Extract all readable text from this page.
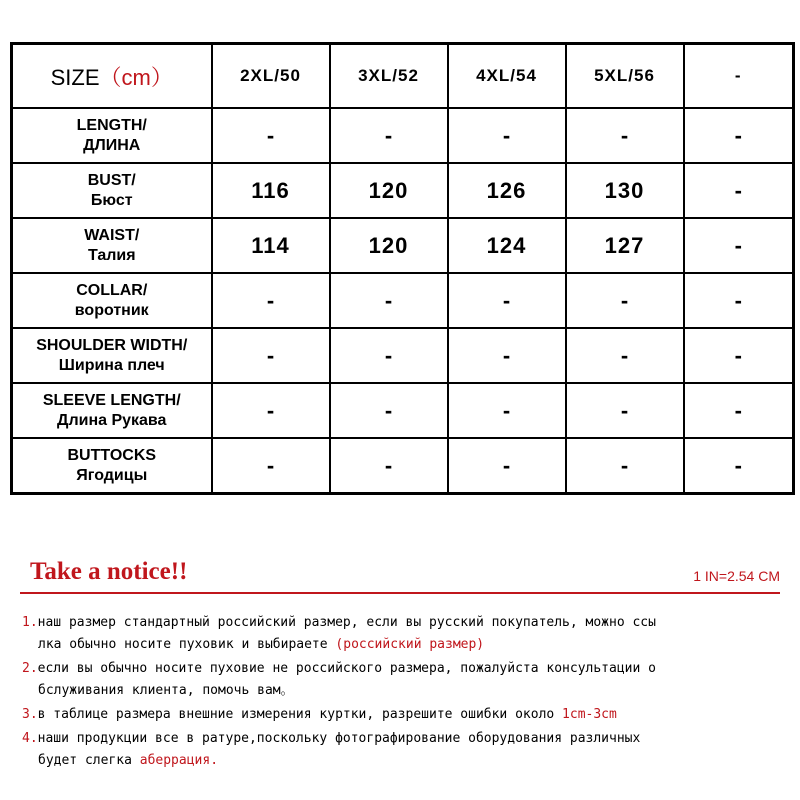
SIZE（cm）	2XL/50	3XL/52	4XL/54	5XL/56	-

LENGTH/
ДЛИНА	-	-	-	-	-

BUST/
Бюст	116	120	126	130	-

WAIST/
Талия	114	120	124	127	-

COLLAR/
воротник	-	-	-	-	-

SHOULDER WIDTH/
Ширина плеч	-	-	-	-	-

SLEEVE LENGTH/
Длина Рукава	-	-	-	-	-

BUTTOCKS
Ягодицы	-	-	-	-	-
Take a notice!!	1 IN=2.54 CM
1.наш размер стандартный российский размер, если вы русский покупатель, можно ссы
лка обычно носите пуховик и выбираете (российский размер)
2.если вы обычно носите пуховие не российского размера, пожалуйста консультации о
бслуживания клиента, помочь вам。
3.в таблице размера внешние измерения куртки, разрешите ошибки около 1cm-3cm
4.наши продукции все в ратуре,поскольку фотографирование оборудования различных
будет слегка аберрация.
